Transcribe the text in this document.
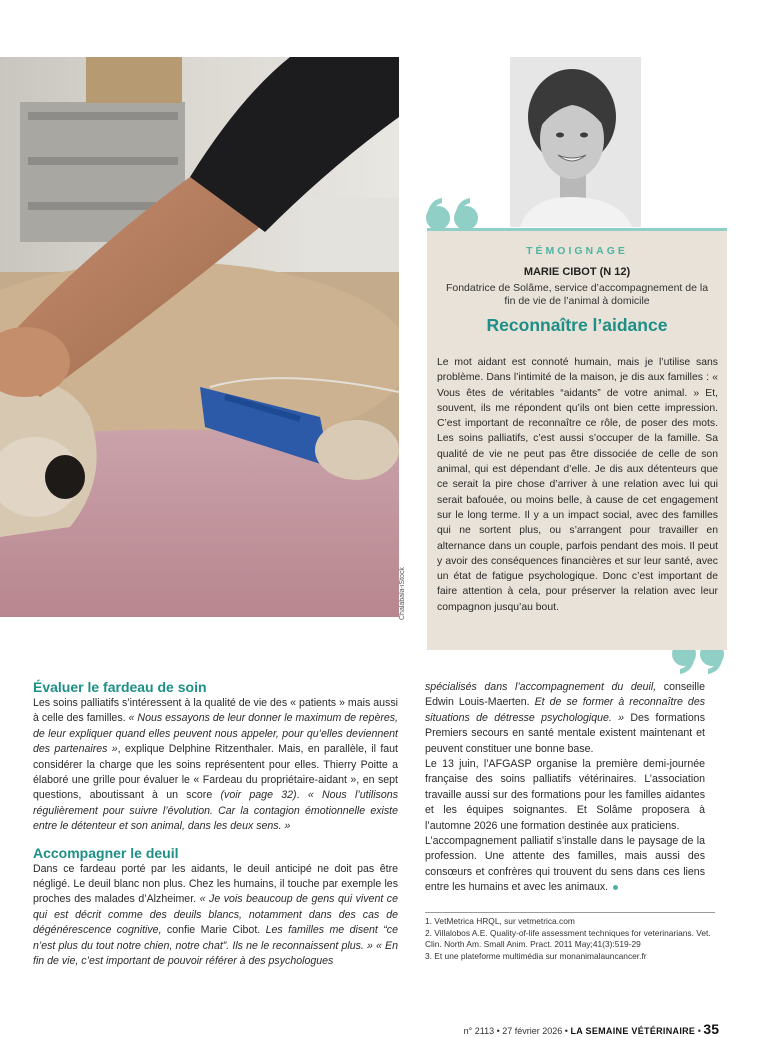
Chalabala-iStock
TÉMOIGNAGE
MARIE CIBOT (N 12)
Fondatrice de Solâme, service d’accompagnement de la fin de vie de l’animal à domicile
Reconnaître l’aidance

Le mot aidant est connoté humain, mais je l’utilise sans problème. Dans l’intimité de la maison, je dis aux familles : « Vous êtes de véritables “aidants” de votre animal. » Et, souvent, ils me répondent qu’ils ont bien cette impression. C’est important de reconnaître ce rôle, de poser des mots. Les soins palliatifs, c’est aussi s’occuper de la famille. Sa qualité de vie ne peut pas être dissociée de celle de son animal, qui est dépendant d’elle. Je dis aux détenteurs que ce serait la pire chose d’arriver à une relation avec lui qui serait bafouée, ou moins belle, à cause de cet engagement sur le long terme. Il y a un impact social, avec des familles qui ne sortent plus, ou s’arrangent pour travailler en alternance dans un couple, parfois pendant des mois. Il peut y avoir des conséquences financières et sur leur santé, avec un état de fatigue psychologique. Donc c’est important de faire attention à cela, pour préserver la relation avec leur compagnon jusqu’au bout.

Évaluer le fardeau de soin

Les soins palliatifs s’intéressent à la qualité de vie des « patients » mais aussi à celle des familles. « Nous essayons de leur donner le maximum de repères, de leur expliquer quand elles peuvent nous appeler, pour qu’elles deviennent des partenaires », explique Delphine Ritzenthaler. Mais, en parallèle, il faut considérer la charge que les soins représentent pour elles. Thierry Poitte a élaboré une grille pour évaluer le « Fardeau du propriétaire-aidant », en sept questions, aboutissant à un score (voir page 32). « Nous l’utilisons régulièrement pour suivre l’évolution. Car la contagion émotionnelle existe entre le détenteur et son animal, dans les deux sens. »

Accompagner le deuil

Dans ce fardeau porté par les aidants, le deuil anticipé ne doit pas être négligé. Le deuil blanc non plus. Chez les humains, il touche par exemple les proches des malades d’Alzheimer. « Je vois beaucoup de gens qui vivent ce qui est décrit comme des deuils blancs, notamment dans des cas de dégénérescence cognitive, confie Marie Cibot. Les familles me disent “ce n’est plus du tout notre chien, notre chat”. Ils ne le reconnaissent plus. » « En fin de vie, c’est important de pouvoir référer à des psychologues

spécialisés dans l’accompagnement du deuil, conseille Edwin Louis-Maerten. Et de se former à reconnaître des situations de détresse psychologique. » Des formations Premiers secours en santé mentale existent maintenant et peuvent constituer une bonne base.

Le 13 juin, l’AFGASP organise la première demi-journée française des soins palliatifs vétérinaires. L’association travaille aussi sur des formations pour les familles aidantes et les équipes soignantes. Et Solâme proposera à l’automne 2026 une formation destinée aux praticiens.

L’accompagnement palliatif s’installe dans le paysage de la profession. Une attente des familles, mais aussi des consœurs et confrères qui trouvent du sens dans ces liens entre les humains et avec les animaux.

1. VetMetrica HRQL, sur vetmetrica.com

2. Villalobos A.E. Quality-of-life assessment techniques for veterinarians. Vet. Clin. North Am. Small Anim. Pract. 2011 May;41(3):519-29

3. Et une plateforme multimédia sur monanimalauncancer.fr

n° 2113 • 27 février 2026 • LA SEMAINE VÉTÉRINAIRE • 35
